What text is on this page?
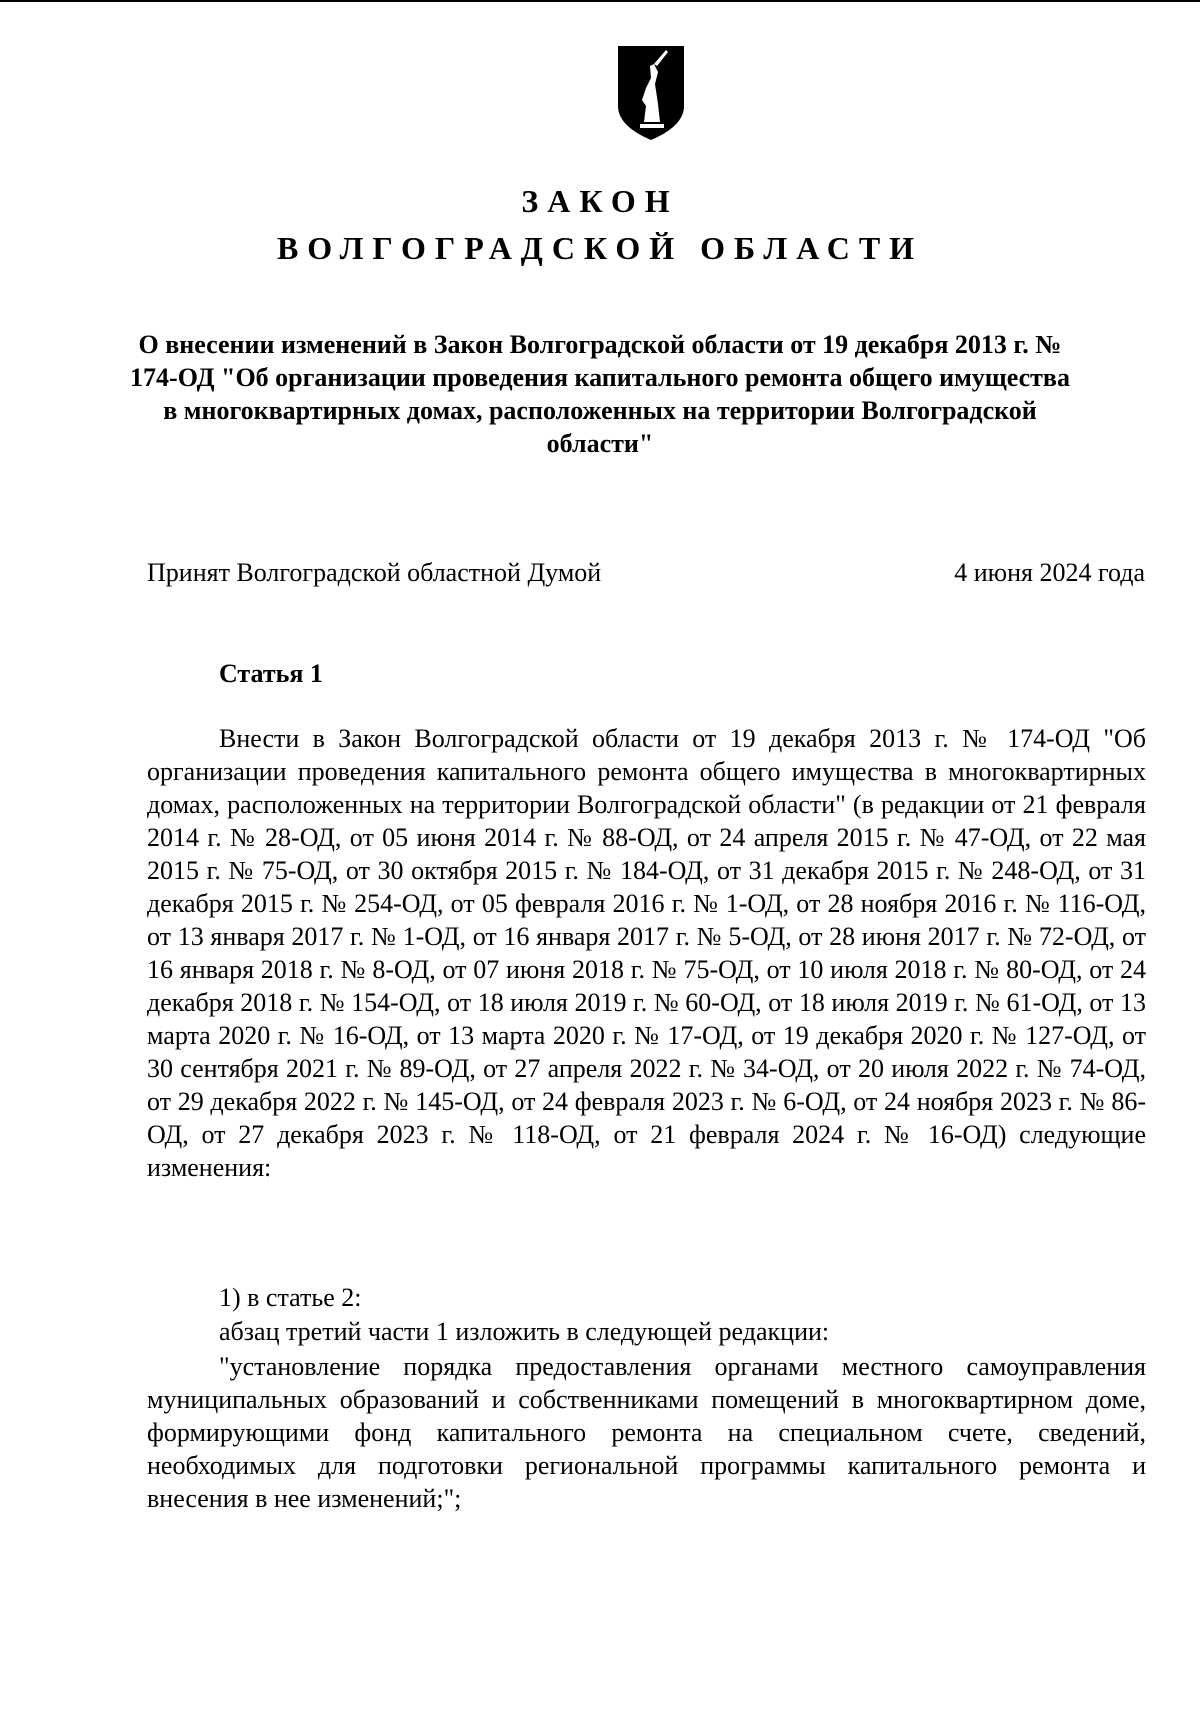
ЗАКОН
ВОЛГОГРАДСКОЙ ОБЛАСТИ
О внесении изменений в Закон Волгоградской области от 19 декабря 2013 г. № 174-ОД "Об организации проведения капитального ремонта общего имущества в многоквартирных домах, расположенных на территории Волгоградской области"
Принят Волгоградской областной Думой	4 июня 2024 года
Статья 1

Внести в Закон Волгоградской области от 19 декабря 2013 г. № 174-ОД "Об организации проведения капитального ремонта общего имущества в многоквартирных домах, расположенных на территории Волгоградской области" (в редакции от 21 февраля 2014 г. № 28-ОД, от 05 июня 2014 г. № 88-ОД, от 24 апреля 2015 г. № 47-ОД, от 22 мая 2015 г. № 75-ОД, от 30 октября 2015 г. № 184-ОД, от 31 декабря 2015 г. № 248-ОД, от 31 декабря 2015 г. № 254-ОД, от 05 февраля 2016 г. № 1-ОД, от 28 ноября 2016 г. № 116-ОД, от 13 января 2017 г. № 1-ОД, от 16 января 2017 г. № 5-ОД, от 28 июня 2017 г. № 72-ОД, от 16 января 2018 г. № 8-ОД, от 07 июня 2018 г. № 75-ОД, от 10 июля 2018 г. № 80-ОД, от 24 декабря 2018 г. № 154-ОД, от 18 июля 2019 г. № 60-ОД, от 18 июля 2019 г. № 61-ОД, от 13 марта 2020 г. № 16-ОД, от 13 марта 2020 г. № 17-ОД, от 19 декабря 2020 г. № 127-ОД, от 30 сентября 2021 г. № 89-ОД, от 27 апреля 2022 г. № 34-ОД, от 20 июля 2022 г. № 74-ОД, от 29 декабря 2022 г. № 145-ОД, от 24 февраля 2023 г. № 6-ОД, от 24 ноября 2023 г. № 86-ОД, от 27 декабря 2023 г. № 118-ОД, от 21 февраля 2024 г. № 16-ОД) следующие изменения:

1) в статье 2:
абзац третий части 1 изложить в следующей редакции:

"установление порядка предоставления органами местного самоуправления муниципальных образований и собственниками помещений в многоквартирном доме, формирующими фонд капитального ремонта на специальном счете, сведений, необходимых для подготовки региональной программы капитального ремонта и внесения в нее изменений;";
